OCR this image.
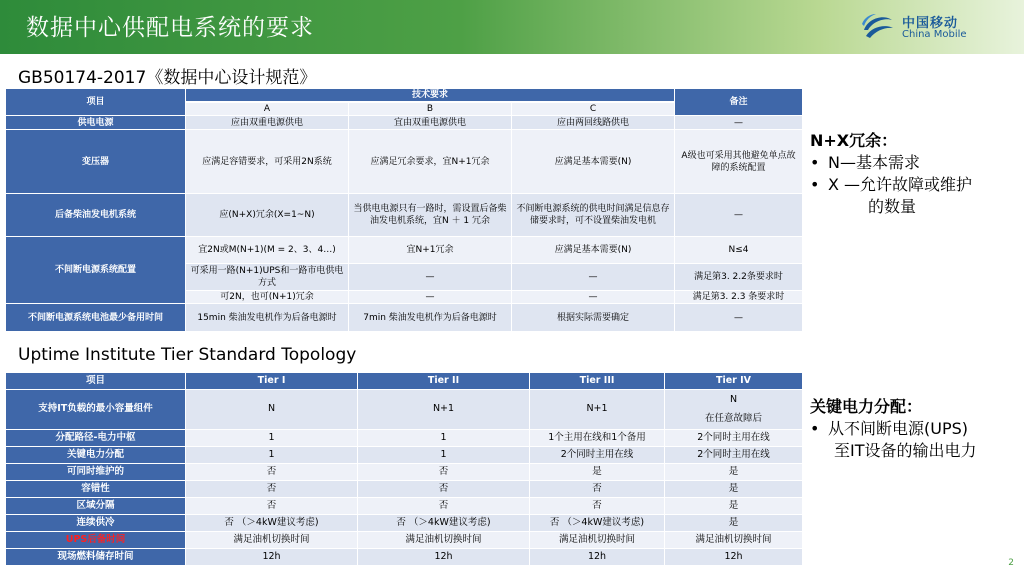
数据中心供配电系统的要求	中国移动
China Mobile
GB50174-2017《数据中心设计规范》
项目	技术要求			备注
	A	B	C	
供电电源	应由双重电源供电	宜由双重电源供电	应由两回线路供电	—
变压器	应满足容错要求，可采用2N系统	应满足冗余要求，宜N+1冗余	应满足基本需要(N)	A级也可采用其他避免单点故障的系统配置
后备柴油发电机系统	应(N+X)冗余(X=1~N)	当供电电源只有一路时，需设置后备柴油发电机系统，宜N ＋ 1 冗余	不间断电源系统的供电时间满足信息存 储要求时，可不设置柴油发电机	—
不间断电源系统配置	宜2N或M(N+1)(M = 2、3、4…)	宜N+1冗余	应满足基本需要(N)	N≤4
	可采用一路(N+1)UPS和一路市电供电方式	—	—	满足第3. 2.2条要求时
	可2N，也可(N+1)冗余	—	—	满足第3. 2.3 条要求时
不间断电源系统电池最少备用时间	15min 柴油发电机作为后备电源时	7min 柴油发电机作为后备电源时	根据实际需要确定	—
N+X冗余：
• N—基本需求
• X —允许故障或维护
的数量
Uptime Institute Tier Standard Topology
项目	Tier I	Tier II	Tier III	Tier IV
支持IT负载的最小容量组件	N	N+1	N+1	N
在任意故障后

分配路径-电力中枢	1	1	1个主用在线和1个备用	2个同时主用在线
关键电力分配	1	1	2个同时主用在线	2个同时主用在线
可同时维护的	否	否	是	是
容错性	否	否	否	是
区域分隔	否	否	否	是
连续供冷	否 （＞4kW建议考虑)	否 （＞4kW建议考虑)	否 （＞4kW建议考虑)	是
UPS后备时间	满足油机切换时间	满足油机切换时间	满足油机切换时间	满足油机切换时间
现场燃料储存时间	12h	12h	12h	12h
关键电力分配：
• 从不间断电源(UPS)
至IT设备的输出电力
2
